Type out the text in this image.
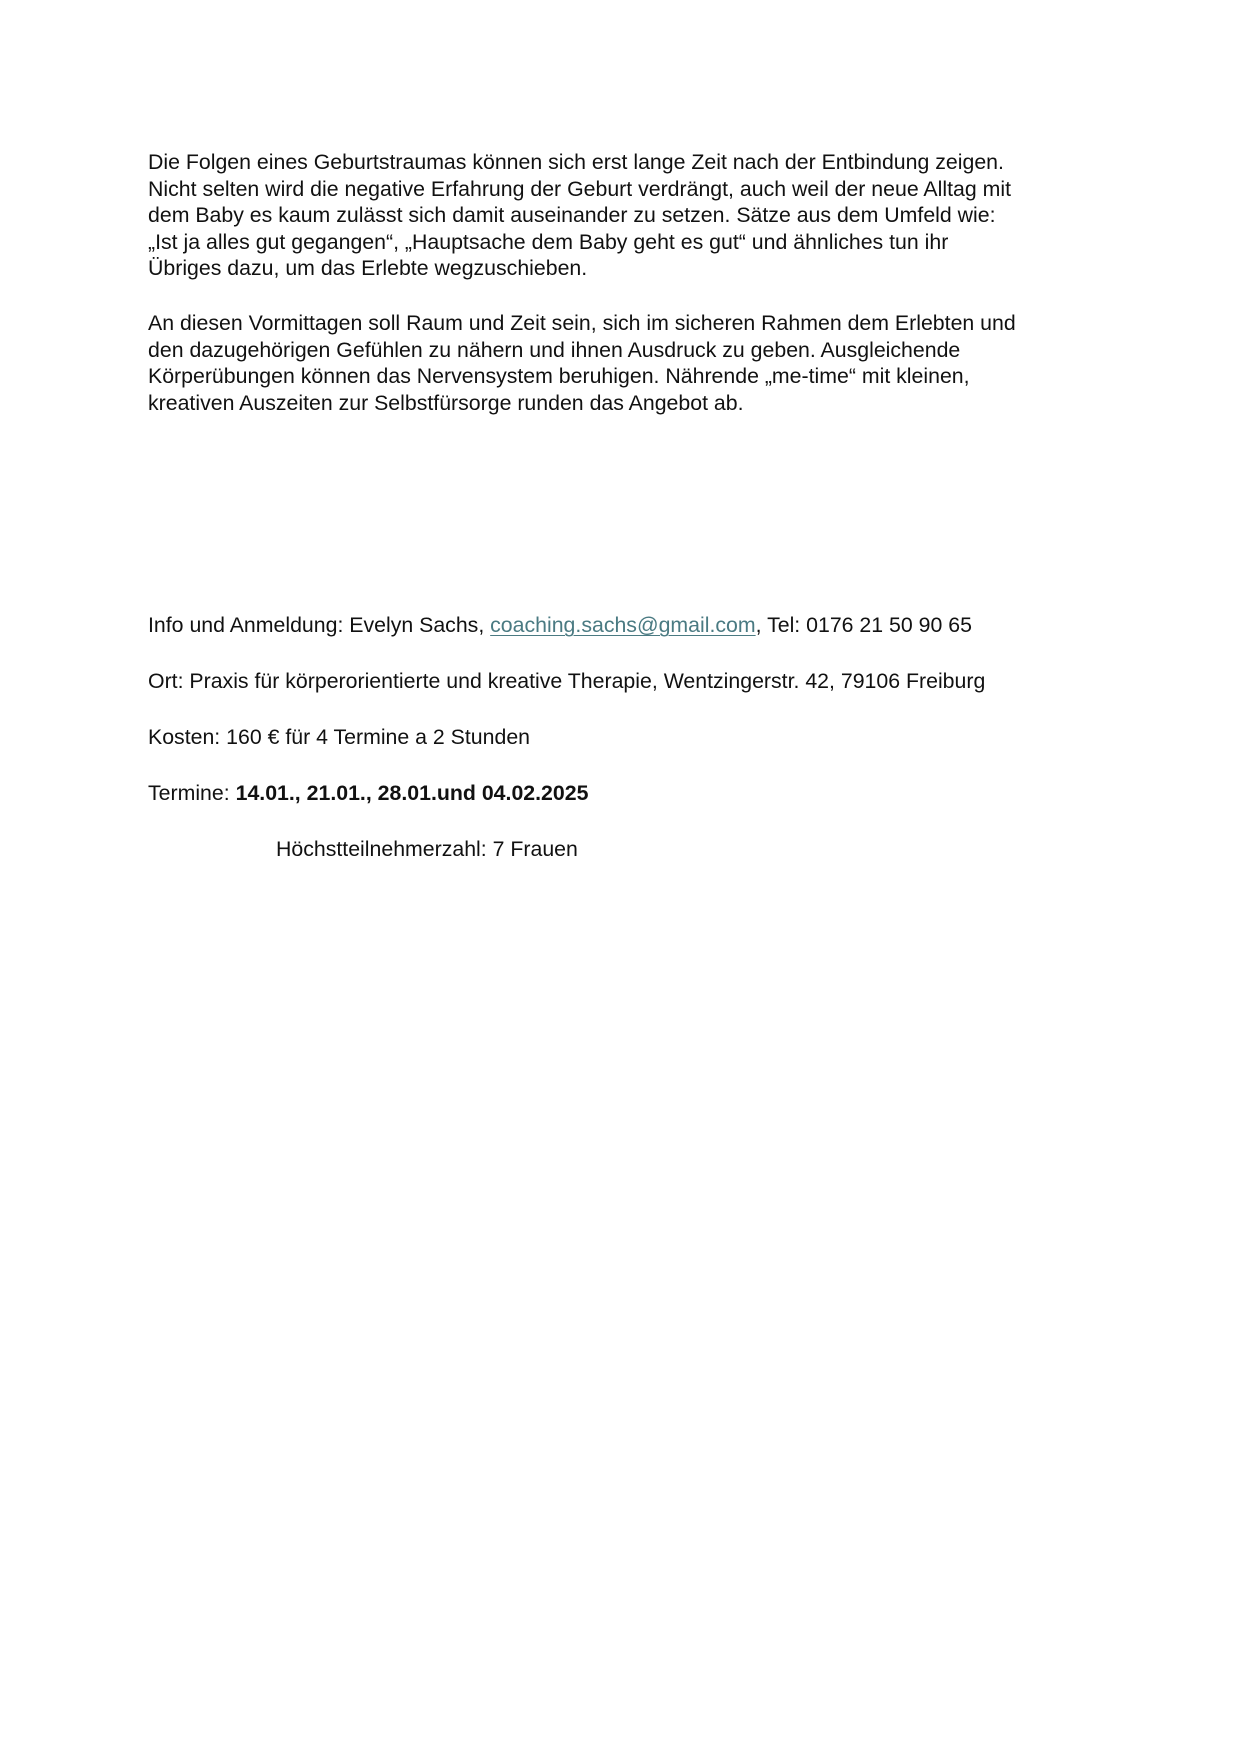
Die Folgen eines Geburtstraumas können sich erst lange Zeit nach der Entbindung zeigen.
Nicht selten wird die negative Erfahrung der Geburt verdrängt, auch weil der neue Alltag mit
dem Baby es kaum zulässt sich damit auseinander zu setzen. Sätze aus dem Umfeld wie:
„Ist ja alles gut gegangen“, „Hauptsache dem Baby geht es gut“ und ähnliches tun ihr
Übriges dazu, um das Erlebte wegzuschieben.

An diesen Vormittagen soll Raum und Zeit sein, sich im sicheren Rahmen dem Erlebten und
den dazugehörigen Gefühlen zu nähern und ihnen Ausdruck zu geben. Ausgleichende
Körperübungen können das Nervensystem beruhigen. Nährende „me-time“ mit kleinen,
kreativen Auszeiten zur Selbstfürsorge runden das Angebot ab.

Info und Anmeldung: Evelyn Sachs, coaching.sachs@gmail.com, Tel: 0176 21 50 90 65

Ort: Praxis für körperorientierte und kreative Therapie, Wentzingerstr. 42, 79106 Freiburg

Kosten: 160 € für 4 Termine a 2 Stunden

Termine: 14.01., 21.01., 28.01.und 04.02.2025

Höchstteilnehmerzahl: 7 Frauen
